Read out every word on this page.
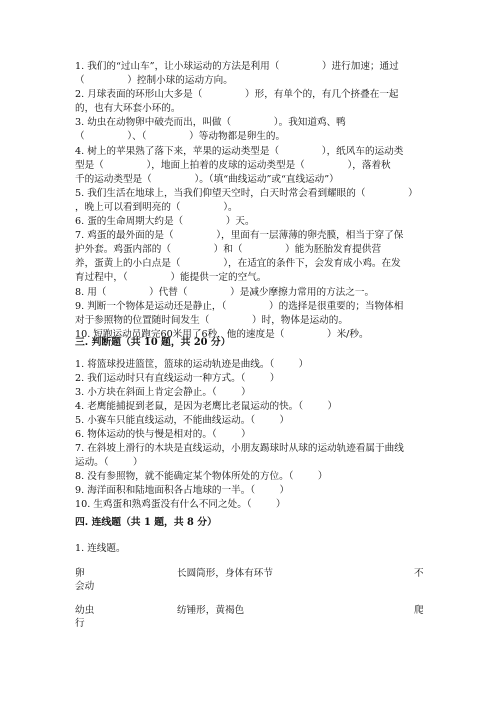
1. 我们的“过山车”，让小球运动的方法是利用（              ）进行加速；通过
（              ）控制小球的运动方向。
2. 月球表面的环形山大多是（              ）形，有单个的，有几个挤叠在一起
的，也有大环套小环的。
3. 幼虫在动物卵中破壳而出，叫做（              ）。我知道鸡、鸭
（              ）、（              ）等动物都是卵生的。
4. 树上的苹果熟了落下来，苹果的运动类型是（              ），纸风车的运动类
型是（              ），地面上拍着的皮球的运动类型是（              ），落着秋
千的运动类型是（              ）。（填“曲线运动”或“直线运动”）
5. 我们生活在地球上，当我们仰望天空时，白天时常会看到耀眼的（              ）
，晚上可以看到明亮的（              ）。
6. 蛋的生命周期大约是（              ）天。
7. 鸡蛋的最外面的是（              ），里面有一层薄薄的卵壳膜，相当于穿了保
护外套。鸡蛋内部的（              ）和（              ）能为胚胎发育提供营
养，蛋黄上的小白点是（              ），在适宜的条件下，会发育成小鸡。在发
育过程中，（              ）能提供一定的空气。
8. 用（              ）代替（              ）是减少摩擦力常用的方法之一。
9. 判断一个物体是运动还是静止，（              ）的选择是很重要的；当物体相
对于参照物的位置随时间发生（              ）时，物体是运动的。
10. 短跑运动员跑完60米用了6秒，他的速度是（              ）米/秒。
三. 判断题（共 10 题，共 20 分）
1. 将篮球投进篮筐，篮球的运动轨迹是曲线。（        ）
2. 我们运动时只有直线运动一种方式。（        ）
3. 小方块在斜面上肯定会静止。（        ）
4. 老鹰能捕捉到老鼠，是因为老鹰比老鼠运动的快。（        ）
5. 小赛车只能直线运动，不能曲线运动。（        ）
6. 物体运动的快与慢是相对的。（        ）
7. 在斜坡上滑行的木块是直线运动，小朋友踢球时从球的运动轨迹看属于曲线
运动。（        ）
8. 没有参照物，就不能确定某个物体所处的方位。（        ）
9. 海洋面积和陆地面积各占地球的一半。（        ）
10. 生鸡蛋和熟鸡蛋没有什么不同之处。（        ）
四. 连线题（共 1 题，共 8 分）
1. 连线题。
卵
会动
长圆筒形，身体有环节	不
幼虫
行
纺锤形，黄褐色	爬
